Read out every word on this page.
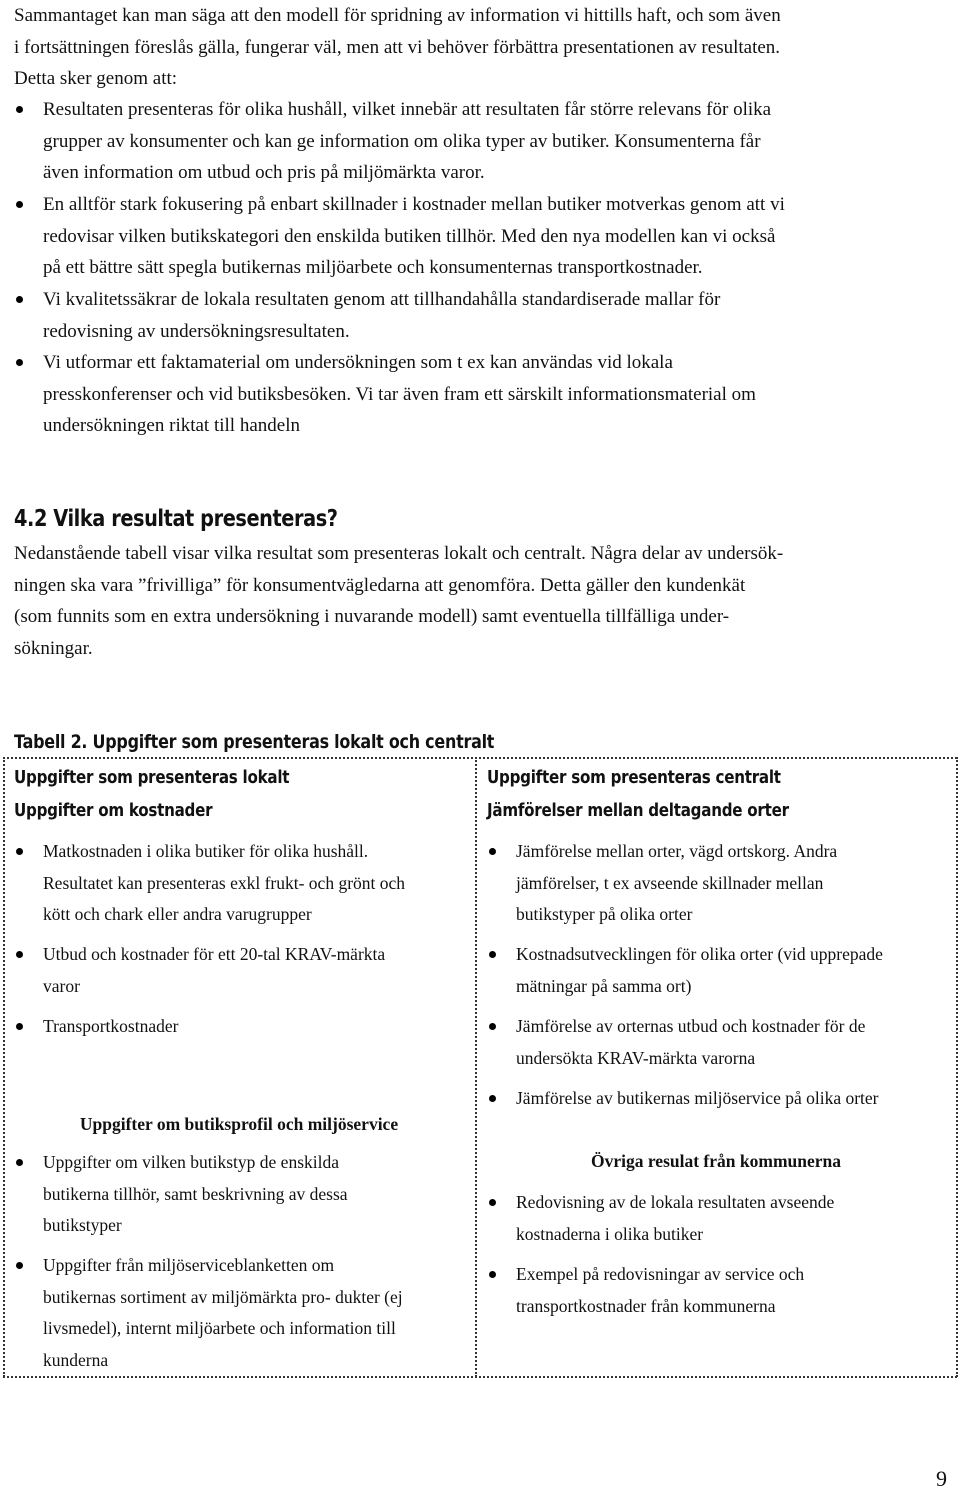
Sammantaget kan man säga att den modell för spridning av information vi hittills haft, och som även
i fortsättningen föreslås gälla, fungerar väl, men att vi behöver förbättra presentationen av resultaten.
Detta sker genom att:
Resultaten presenteras för olika hushåll, vilket innebär att resultaten får större relevans för olika
grupper av konsumenter och kan ge information om olika typer av butiker. Konsumenterna får
även information om utbud och pris på miljömärkta varor.
En alltför stark fokusering på enbart skillnader i kostnader mellan butiker motverkas genom att vi
redovisar vilken butikskategori den enskilda butiken tillhör. Med den nya modellen kan vi också
på ett bättre sätt spegla butikernas miljöarbete och konsumenternas transportkostnader.
Vi kvalitetssäkrar de lokala resultaten genom att tillhandahålla standardiserade mallar för
redovisning av undersökningsresultaten.
Vi utformar ett faktamaterial om undersökningen som t ex kan användas vid lokala
presskonferenser och vid butiksbesöken. Vi tar även fram ett särskilt informationsmaterial om
undersökningen riktat till handeln
4.2 Vilka resultat presenteras?
Nedanstående tabell visar vilka resultat som presenteras lokalt och centralt. Några delar av undersök-
ningen ska vara ”frivilliga” för konsumentvägledarna att genomföra. Detta gäller den kundenkät
(som funnits som en extra undersökning i nuvarande modell) samt eventuella tillfälliga under-
sökningar.
Tabell 2. Uppgifter som presenteras lokalt och centralt
Uppgifter som presenteras lokalt
Uppgifter om kostnader
Matkostnaden i olika butiker för olika hushåll.
Resultatet kan presenteras exkl frukt- och grönt och
kött och chark eller andra varugrupper
Utbud och kostnader för ett 20-tal KRAV-märkta
varor
Transportkostnader
Uppgifter om butiksprofil och miljöservice
Uppgifter om vilken butikstyp de enskilda
butikerna tillhör, samt beskrivning av dessa
butikstyper
Uppgifter från miljöserviceblanketten om
butikernas sortiment av miljömärkta pro- dukter (ej
livsmedel), internt miljöarbete och information till
kunderna
Uppgifter som presenteras centralt
Jämförelser mellan deltagande orter
Jämförelse mellan orter, vägd ortskorg. Andra
jämförelser, t ex avseende skillnader mellan
butikstyper på olika orter
Kostnadsutvecklingen för olika orter (vid upprepade
mätningar på samma ort)
Jämförelse av orternas utbud och kostnader för de
undersökta KRAV-märkta varorna
Jämförelse av butikernas miljöservice på olika orter
Övriga resulat från kommunerna
Redovisning av de lokala resultaten avseende
kostnaderna i olika butiker
Exempel på redovisningar av service och
transportkostnader från kommunerna
9
